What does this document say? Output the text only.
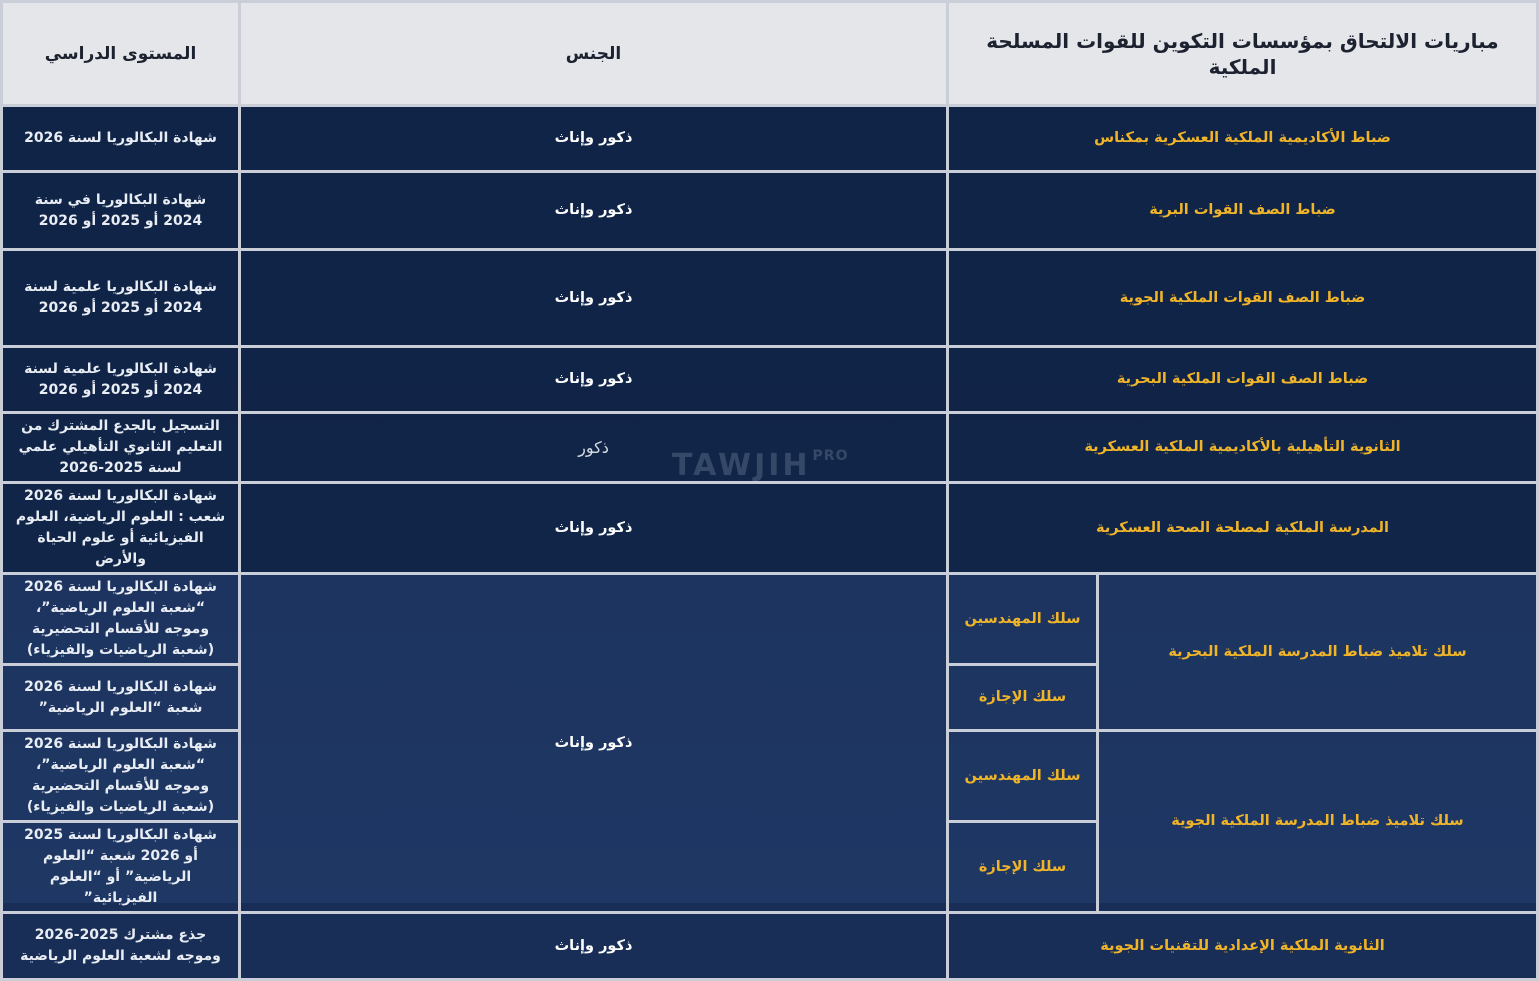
مباريات الالتحاق بمؤسسات التكوين للقوات المسلحة الملكية		الجنس	المستوى الدراسي	
ضباط الأكاديمية الملكية العسكرية بمكناس		ذكور وإناث	شهادة البكالوريا لسنة 2026	

ضباط الصف القوات البرية		ذكور وإناث	شهادة البكالوريا في سنة 2024 أو 2025 أو 2026	
ضباط الصف القوات الملكية الجوية		ذكور وإناث	شهادة البكالوريا علمية لسنة 2024 أو 2025 أو 2026	
ضباط الصف القوات الملكية البحرية		ذكور وإناث	شهادة البكالوريا علمية لسنة 2024 أو 2025 أو 2026	
الثانوية التأهيلية بالأكاديمية الملكية العسكرية		ذكور	التسجيل بالجدع المشترك من التعليم الثانوي التأهيلي علمي لسنة 2025-2026	
المدرسة الملكية لمصلحة الصحة العسكرية		ذكور وإناث	شهادة البكالوريا لسنة 2026 شعب : العلوم الرياضية، العلوم الفيزيائية أو علوم الحياة والأرض	
سلك تلاميذ ضباط المدرسة الملكية البحرية	سلك المهندسين	ذكور وإناث	شهادة البكالوريا لسنة 2026 “شعبة العلوم الرياضية”، وموجه للأقسام التحضيرية (شعبة الرياضيات والفيزياء)	
	سلك الإجازة		شهادة البكالوريا لسنة 2026 شعبة “العلوم الرياضية”	
سلك تلاميذ ضباط المدرسة الملكية الجوية	سلك المهندسين		شهادة البكالوريا لسنة 2026 “شعبة العلوم الرياضية”، وموجه للأقسام التحضيرية (شعبة الرياضيات والفيزياء)	
	سلك الإجازة		شهادة البكالوريا لسنة 2025 أو 2026 شعبة “العلوم الرياضية” أو “العلوم الفيزيائية”	
الثانوية الملكية الإعدادية للتقنيات الجوية		ذكور وإناث	جذع مشترك 2025-2026 وموجه لشعبة العلوم الرياضية	
